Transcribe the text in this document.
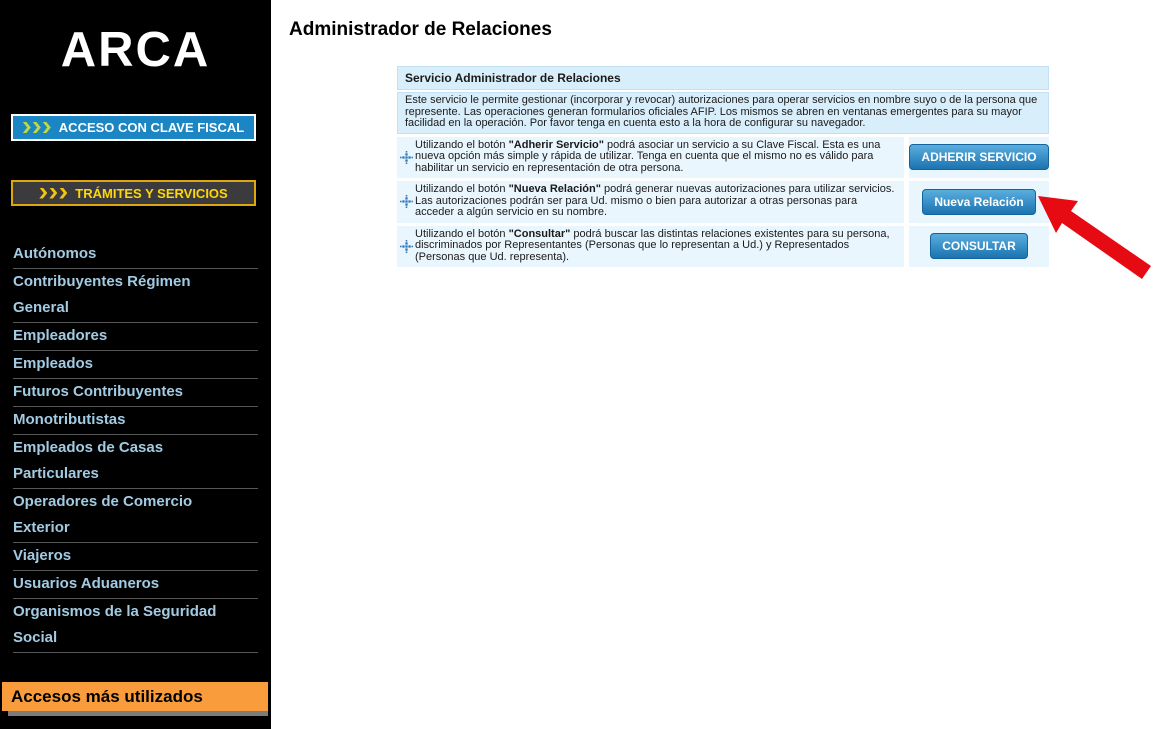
ARCA
ACCESO CON CLAVE FISCAL
TRÁMITES Y SERVICIOS
Autónomos
Contribuyentes Régimen General
Empleadores
Empleados
Futuros Contribuyentes
Monotributistas
Empleados de Casas Particulares
Operadores de Comercio Exterior
Viajeros
Usuarios Aduaneros
Organismos de la Seguridad Social
Accesos más utilizados
Administrador de Relaciones
Servicio Administrador de Relaciones
Este servicio le permite gestionar (incorporar y revocar) autorizaciones para operar servicios en nombre suyo o de la persona que represente. Las operaciones generan formularios oficiales AFIP. Los mismos se abren en ventanas emergentes para su mayor facilidad en la operación. Por favor tenga en cuenta esto a la hora de configurar su navegador.
Utilizando el botón "Adherir Servicio" podrá asociar un servicio a su Clave Fiscal. Esta es una nueva opción más simple y rápida de utilizar. Tenga en cuenta que el mismo no es válido para habilitar un servicio en representación de otra persona.
ADHERIR SERVICIO
Utilizando el botón "Nueva Relación" podrá generar nuevas autorizaciones para utilizar servicios. Las autorizaciones podrán ser para Ud. mismo o bien para autorizar a otras personas para acceder a algún servicio en su nombre.
Nueva Relación
Utilizando el botón "Consultar" podrá buscar las distintas relaciones existentes para su persona, discriminados por Representantes (Personas que lo representan a Ud.) y Representados (Personas que Ud. representa).
CONSULTAR
